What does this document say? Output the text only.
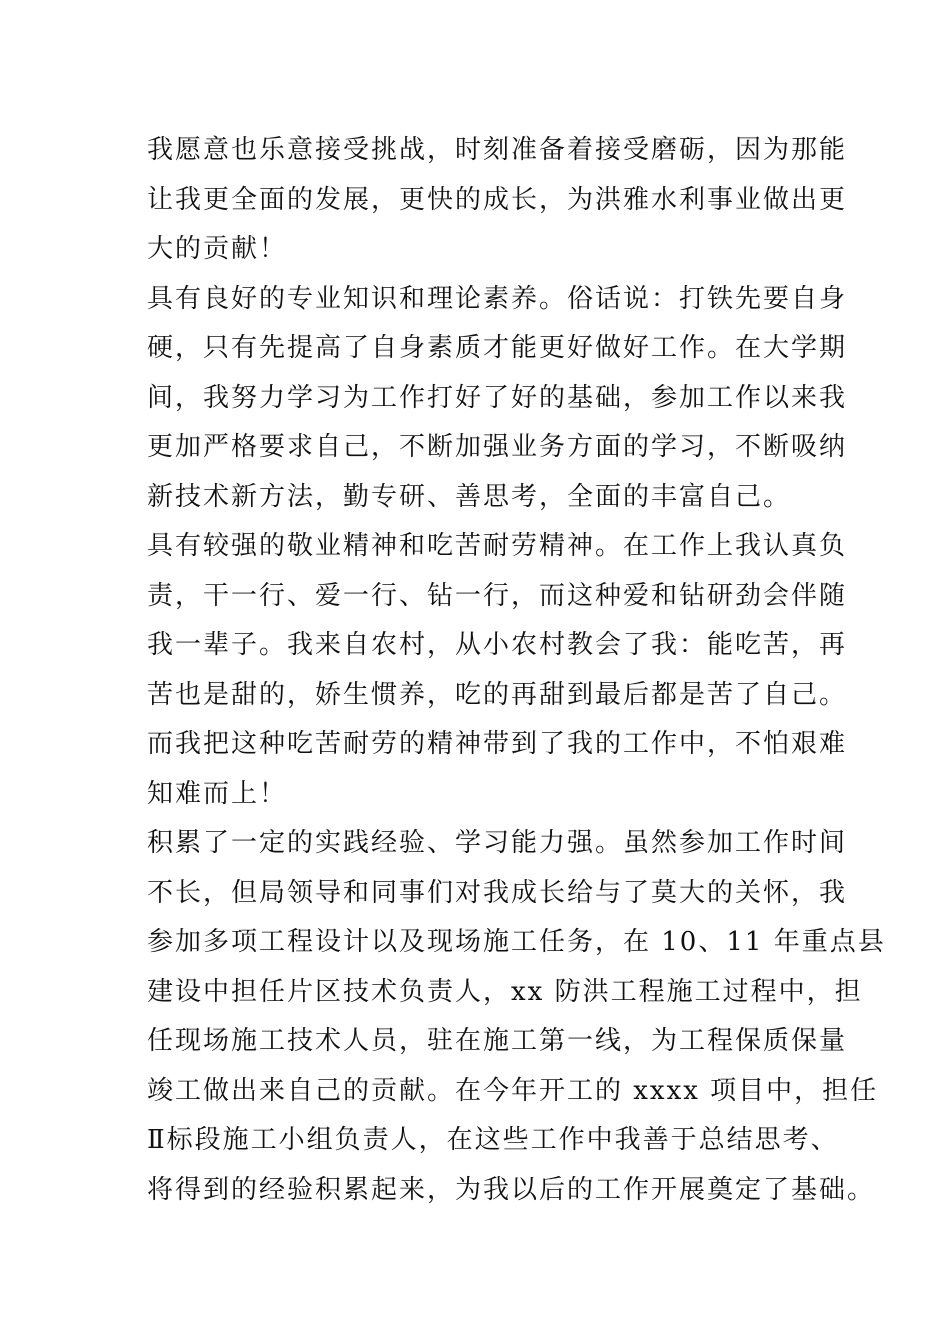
我愿意也乐意接受挑战，时刻准备着接受磨砺，因为那能
让我更全面的发展，更快的成长，为洪雅水利事业做出更
大的贡献！
具有良好的专业知识和理论素养。俗话说：打铁先要自身
硬，只有先提高了自身素质才能更好做好工作。在大学期
间，我努力学习为工作打好了好的基础，参加工作以来我
更加严格要求自己，不断加强业务方面的学习，不断吸纳
新技术新方法，勤专研、善思考，全面的丰富自己。
具有较强的敬业精神和吃苦耐劳精神。在工作上我认真负
责，干一行、爱一行、钻一行，而这种爱和钻研劲会伴随
我一辈子。我来自农村，从小农村教会了我：能吃苦，再
苦也是甜的，娇生惯养，吃的再甜到最后都是苦了自己。
而我把这种吃苦耐劳的精神带到了我的工作中，不怕艰难
知难而上！
积累了一定的实践经验、学习能力强。虽然参加工作时间
不长，但局领导和同事们对我成长给与了莫大的关怀，我
参加多项工程设计以及现场施工任务，在 10、11 年重点县
建设中担任片区技术负责人，xx 防洪工程施工过程中，担
任现场施工技术人员，驻在施工第一线，为工程保质保量
竣工做出来自己的贡献。在今年开工的 xxxx 项目中，担任
Ⅱ标段施工小组负责人，在这些工作中我善于总结思考、
将得到的经验积累起来，为我以后的工作开展奠定了基础。
